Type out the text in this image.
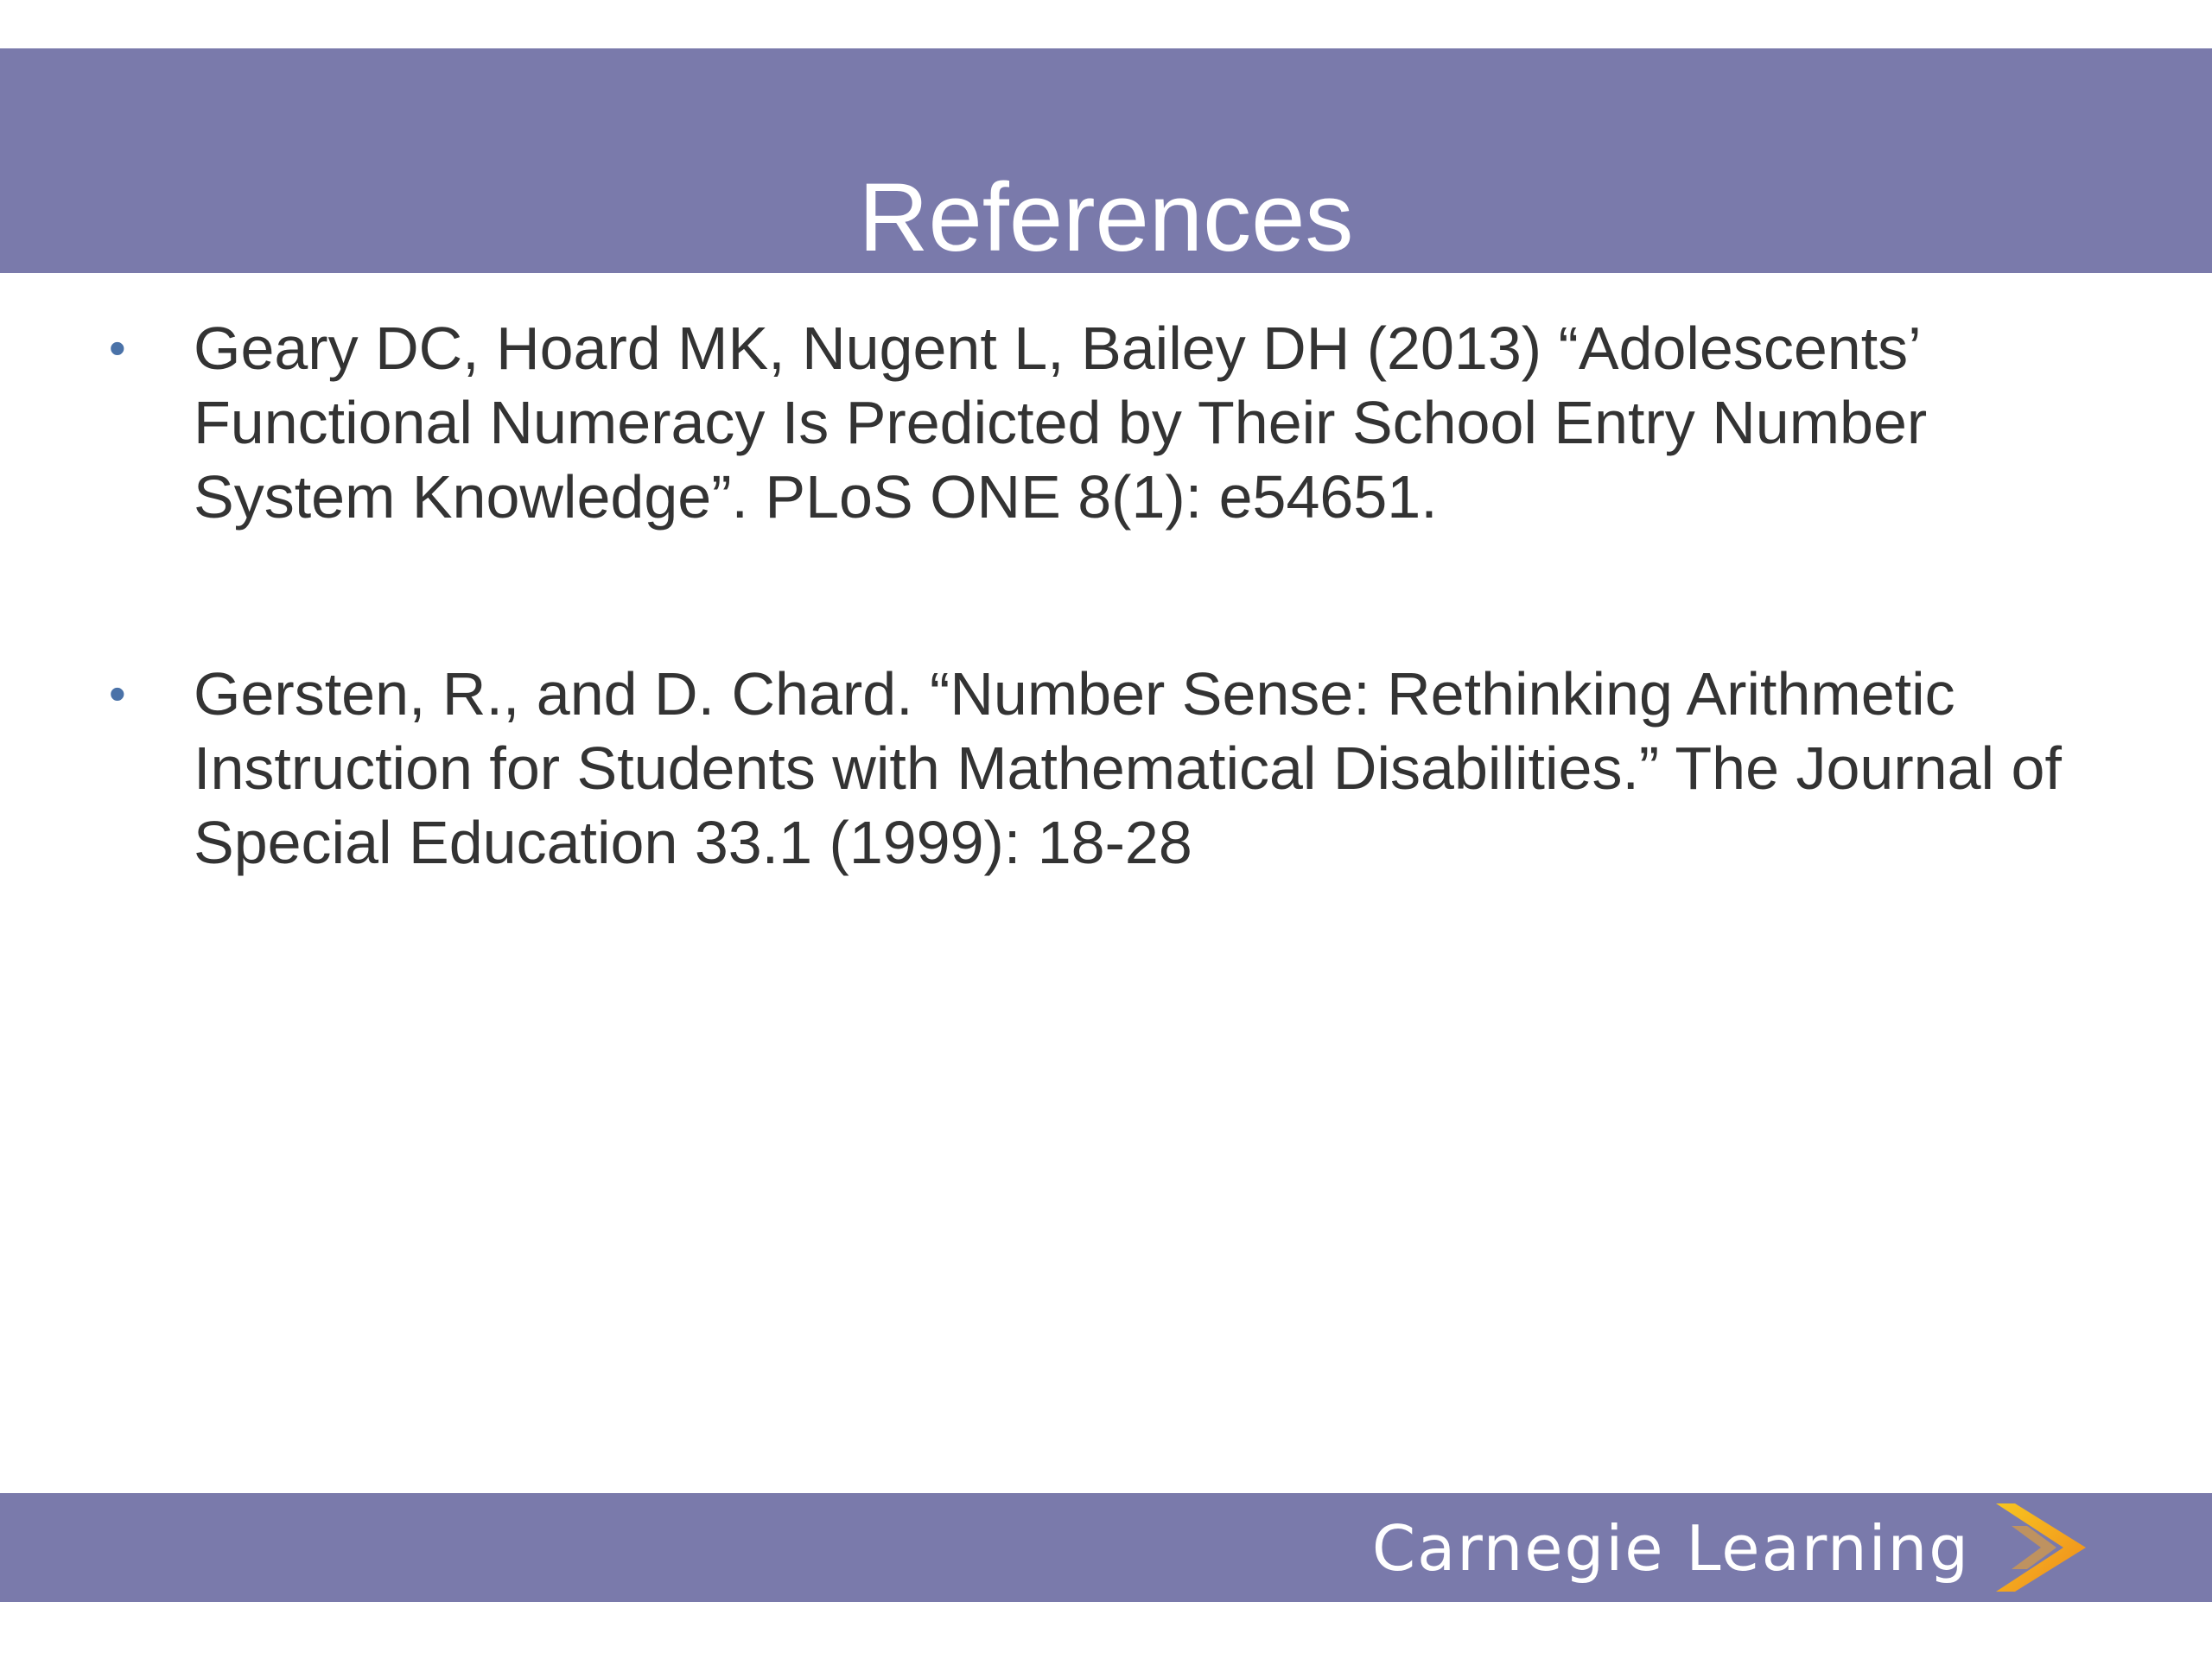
References
• Geary DC, Hoard MK, Nugent L, Bailey DH (2013) “Adolescents’ Functional Numeracy Is Predicted by Their School Entry Number System Knowledge”. PLoS ONE 8(1): e54651.

• Gersten, R., and D. Chard. “Number Sense: Rethinking Arithmetic Instruction for Students with Mathematical Disabilities.” The Journal of Special Education 33.1 (1999): 18-28

Carnegie Learning
